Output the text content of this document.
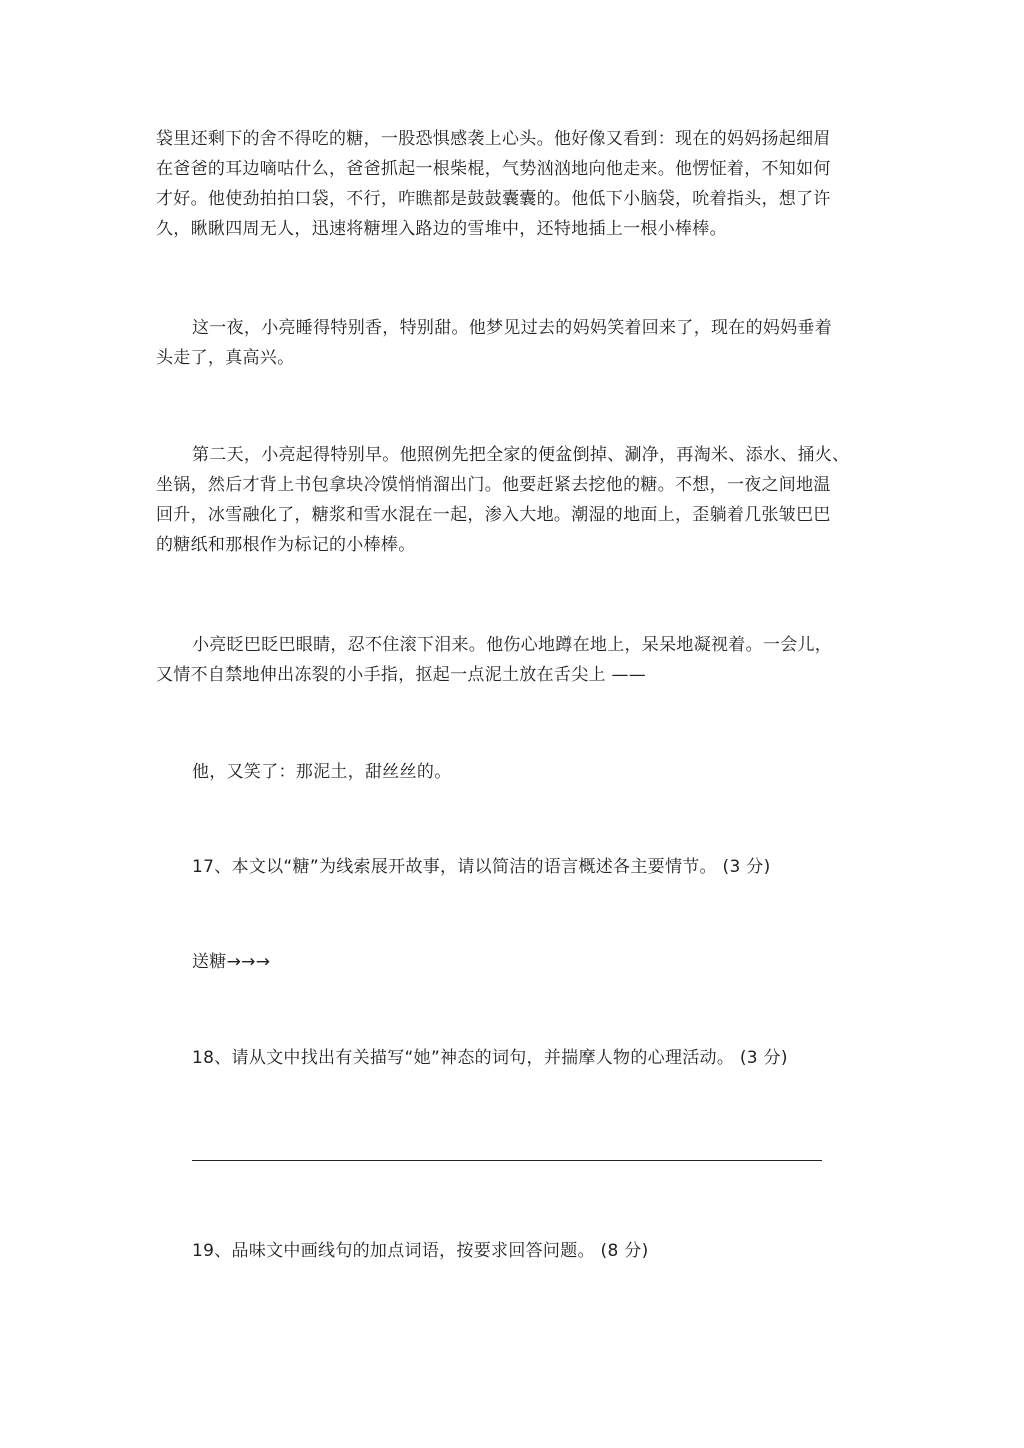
袋里还剩下的舍不得吃的糖，一股恐惧感袭上心头。他好像又看到：现在的妈妈扬起细眉
在爸爸的耳边嘀咕什么，爸爸抓起一根柴棍，气势汹汹地向他走来。他愣怔着，不知如何
才好。他使劲拍拍口袋，不行，咋瞧都是鼓鼓囊囊的。他低下小脑袋，吮着指头，想了许
久，瞅瞅四周无人，迅速将糖埋入路边的雪堆中，还特地插上一根小棒棒。

这一夜，小亮睡得特别香，特别甜。他梦见过去的妈妈笑着回来了，现在的妈妈垂着
头走了，真高兴。

第二天，小亮起得特别早。他照例先把全家的便盆倒掉、涮净，再淘米、添水、捅火、
坐锅，然后才背上书包拿块冷馍悄悄溜出门。他要赶紧去挖他的糖。不想，一夜之间地温
回升，冰雪融化了，糖浆和雪水混在一起，渗入大地。潮湿的地面上，歪躺着几张皱巴巴
的糖纸和那根作为标记的小棒棒。

小亮眨巴眨巴眼睛，忍不住滚下泪来。他伤心地蹲在地上，呆呆地凝视着。一会儿，
又情不自禁地伸出冻裂的小手指，抠起一点泥土放在舌尖上 ——

他，又笑了：那泥土，甜丝丝的。

17、本文以“糖”为线索展开故事，请以简洁的语言概述各主要情节。 (3 分)

送糖→→→

18、请从文中找出有关描写“她”神态的词句，并揣摩人物的心理活动。 (3 分)

19、品味文中画线句的加点词语，按要求回答问题。 (8 分)
